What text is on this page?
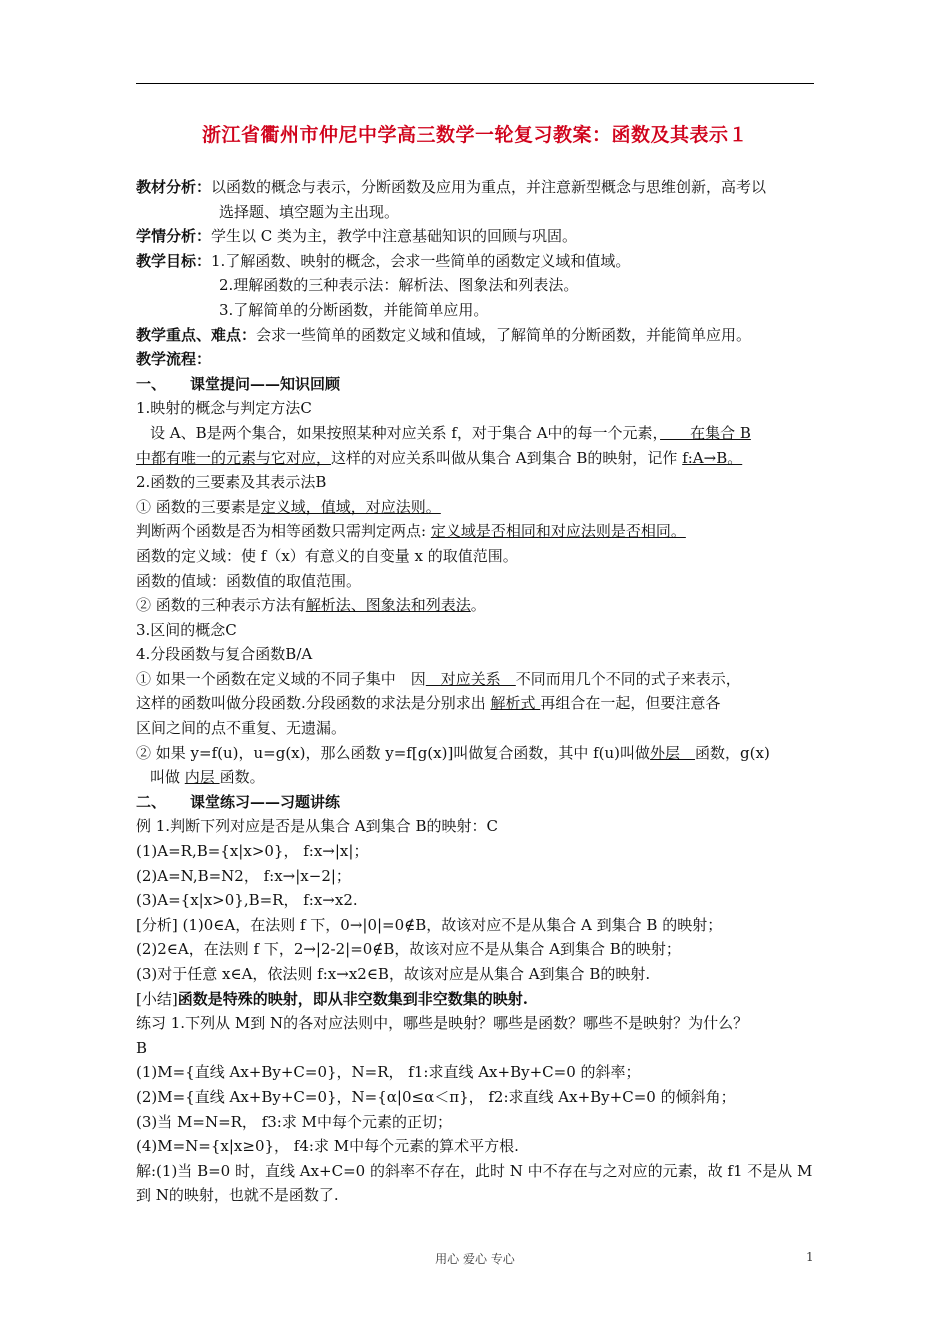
浙江省衢州市仲尼中学高三数学一轮复习教案：函数及其表示１
教材分析：以函数的概念与表示，分断函数及应用为重点，并注意新型概念与思维创新，高考以
选择题、填空题为主出现。
学情分析：学生以 C 类为主，教学中注意基础知识的回顾与巩固。
教学目标：1.了解函数、映射的概念，会求一些简单的函数定义域和值域。
2.理解函数的三种表示法：解析法、图象法和列表法。
3.了解简单的分断函数，并能简单应用。
教学重点、难点：会求一些简单的函数定义域和值域，了解简单的分断函数，并能简单应用。
教学流程：
一、 课堂提问——知识回顾
1.映射的概念与判定方法C
设 A、B是两个集合，如果按照某种对应关系 f，对于集合 A中的每一个元素，　　在集合 B
中都有唯一的元素与它对应，这样的对应关系叫做从集合 A到集合 B的映射，记作 f:A→B。
2.函数的三要素及其表示法B
① 函数的三要素是定义域，值域，对应法则。
判断两个函数是否为相等函数只需判定两点: 定义域是否相同和对应法则是否相同。
函数的定义域：使 f（x）有意义的自变量 x 的取值范围。
函数的值域：函数值的取值范围。
② 函数的三种表示方法有解析法、图象法和列表法。
3.区间的概念C
4.分段函数与复合函数B/A
① 如果一个函数在定义域的不同子集中　因　对应关系　不同而用几个不同的式子来表示，
这样的函数叫做分段函数.分段函数的求法是分别求出 解析式 再组合在一起，但要注意各
区间之间的点不重复、无遗漏。
② 如果 y=f(u)，u=g(x)，那么函数 y=f[g(x)]叫做复合函数，其中 f(u)叫做外层　函数，g(x)
叫做 内层 函数。
二、 课堂练习——习题讲练
例 1.判断下列对应是否是从集合 A到集合 B的映射：C
(1)A=R,B={x|x>0}， f:x→|x|；
(2)A=N,B=N2， f:x→|x−2|；
(3)A={x|x>0},B=R， f:x→x2.
[分析] (1)0∈A，在法则 f 下，0→|0|=0∉B，故该对应不是从集合 A 到集合 B 的映射；
(2)2∈A，在法则 f 下，2→|2-2|=0∉B，故该对应不是从集合 A到集合 B的映射；
(3)对于任意 x∈A，依法则 f:x→x2∈B，故该对应是从集合 A到集合 B的映射.
[小结]函数是特殊的映射，即从非空数集到非空数集的映射.
练习 1.下列从 M到 N的各对应法则中，哪些是映射？哪些是函数？哪些不是映射？为什么？
B
(1)M={直线 Ax+By+C=0}，N=R， f1:求直线 Ax+By+C=0 的斜率；
(2)M={直线 Ax+By+C=0}，N={α|0≤α＜π}， f2:求直线 Ax+By+C=0 的倾斜角；
(3)当 M=N=R， f3:求 M中每个元素的正切；
(4)M=N={x|x≥0}， f4:求 M中每个元素的算术平方根.
解:(1)当 B=0 时，直线 Ax+C=0 的斜率不存在，此时 N 中不存在与之对应的元素，故 f1 不是从 M
到 N的映射，也就不是函数了.
用心 爱心 专心	1
